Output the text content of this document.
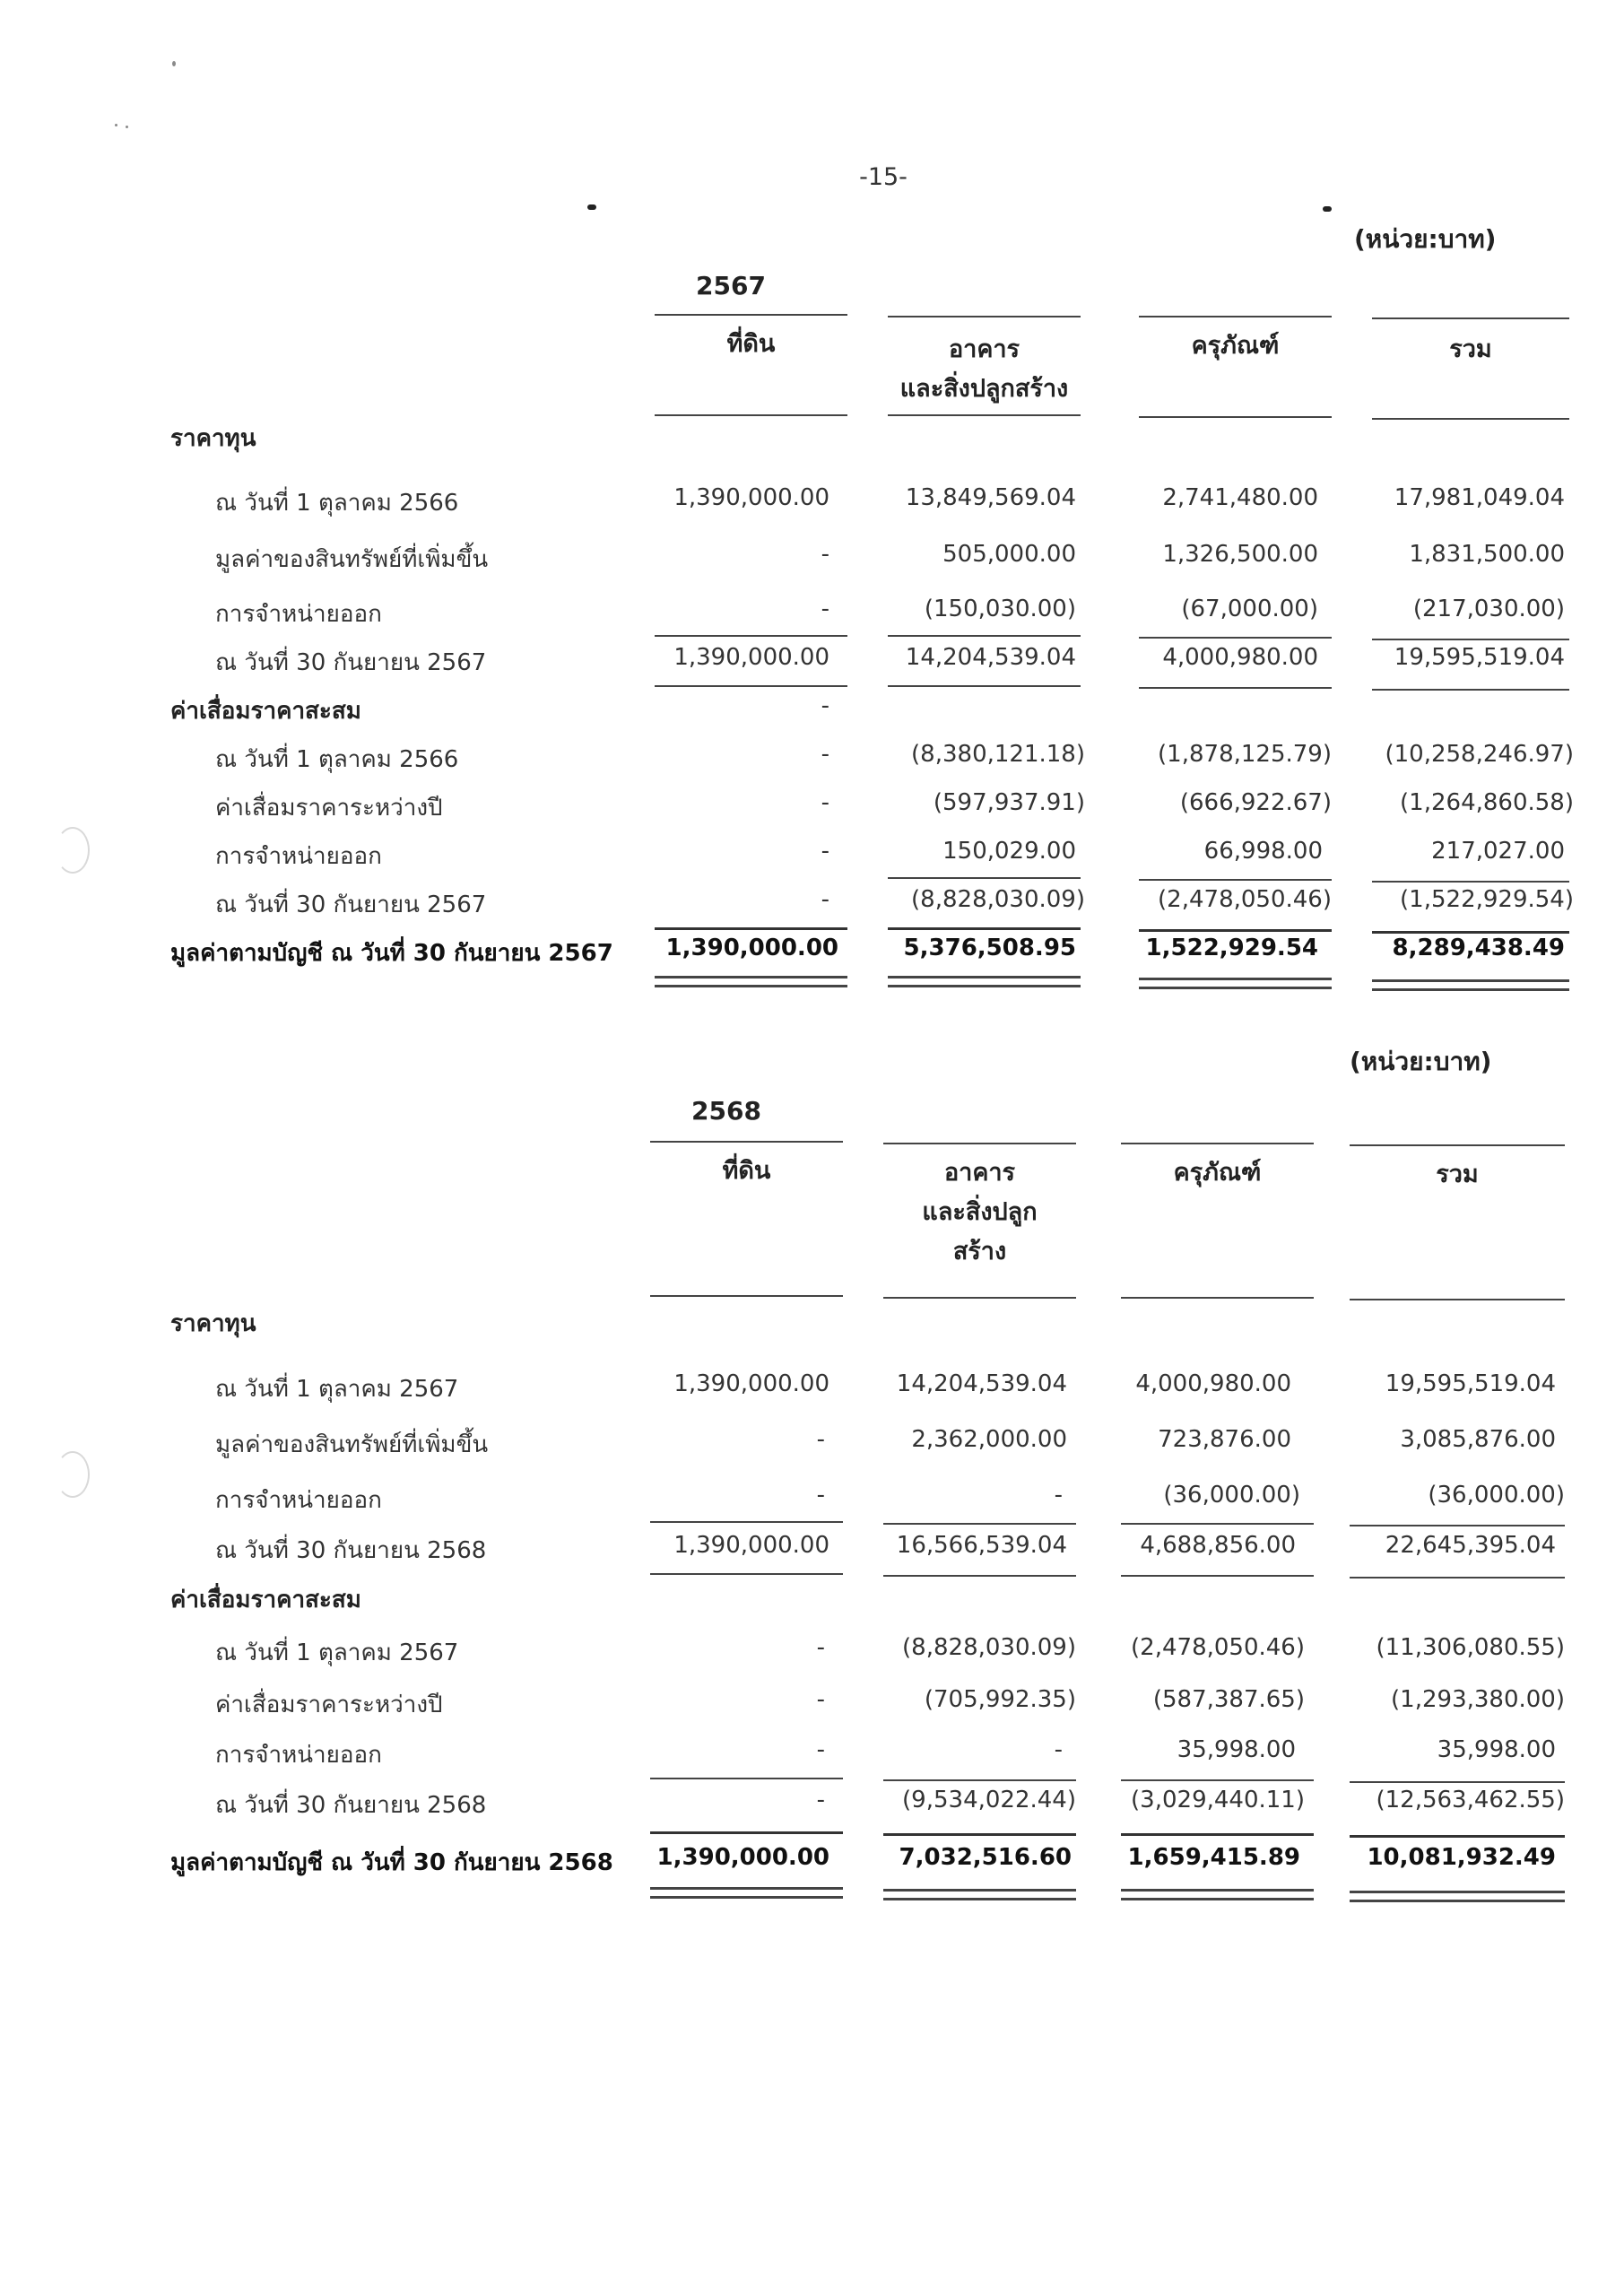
-15-
(หน่วย:บาท)
2567
ที่ดิน	อาคาร
และสิ่งปลูกสร้าง
ครุภัณฑ์	รวม
ราคาทุน
ณ วันที่ 1 ตุลาคม 2566	1,390,000.00	13,849,569.04	2,741,480.00	17,981,049.04
มูลค่าของสินทรัพย์ที่เพิ่มขึ้น	-	505,000.00	1,326,500.00	1,831,500.00
การจำหน่ายออก	-	(150,030.00)	(67,000.00)	(217,030.00)
ณ วันที่ 30 กันยายน 2567	1,390,000.00	14,204,539.04	4,000,980.00	19,595,519.04
ค่าเสื่อมราคาสะสม	-
ณ วันที่ 1 ตุลาคม 2566	-	(8,380,121.18)	(1,878,125.79)	(10,258,246.97)
ค่าเสื่อมราคาระหว่างปี	-	(597,937.91)	(666,922.67)	(1,264,860.58)
การจำหน่ายออก	-	150,029.00	66,998.00	217,027.00
ณ วันที่ 30 กันยายน 2567	-	(8,828,030.09)	(2,478,050.46)	(1,522,929.54)
มูลค่าตามบัญชี ณ วันที่ 30 กันยายน 2567	1,390,000.00	5,376,508.95	1,522,929.54	8,289,438.49
(หน่วย:บาท)
2568
ที่ดิน	อาคาร
และสิ่งปลูก
สร้าง
ครุภัณฑ์	รวม
ราคาทุน
ณ วันที่ 1 ตุลาคม 2567	1,390,000.00	14,204,539.04	4,000,980.00	19,595,519.04
มูลค่าของสินทรัพย์ที่เพิ่มขึ้น	-	2,362,000.00	723,876.00	3,085,876.00
การจำหน่ายออก	-	-	(36,000.00)	(36,000.00)
ณ วันที่ 30 กันยายน 2568	1,390,000.00	16,566,539.04	4,688,856.00	22,645,395.04
ค่าเสื่อมราคาสะสม
ณ วันที่ 1 ตุลาคม 2567	-	(8,828,030.09)	(2,478,050.46)	(11,306,080.55)
ค่าเสื่อมราคาระหว่างปี	-	(705,992.35)	(587,387.65)	(1,293,380.00)
การจำหน่ายออก	-	-	35,998.00	35,998.00
ณ วันที่ 30 กันยายน 2568	-	(9,534,022.44)	(3,029,440.11)	(12,563,462.55)
มูลค่าตามบัญชี ณ วันที่ 30 กันยายน 2568 1,390,000.00	7,032,516.60 1,659,415.89	10,081,932.49
